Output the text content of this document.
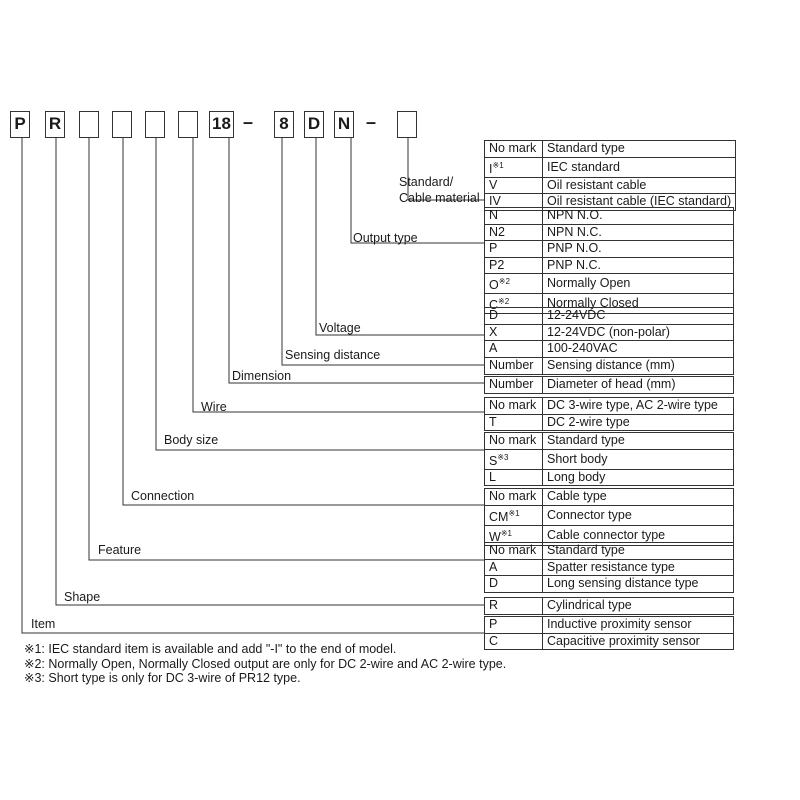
P R	18	8	D N
–	–
No mark	Standard type
$I^{※1}$	IEC standard
V	Oil resistant cable
IV	Oil resistant cable (IEC standard)
Standard/
Cable material
N	NPN N.O.
N2	NPN N.C.
P	PNP N.O.
P2	PNP N.C.
$O^{※2}$	Normally Open
$C^{※2}$	Normally Closed
Output type
D	12-24VDC
X	12-24VDC (non-polar)
A	100-240VAC
Voltage
Number	Sensing distance (mm)
Sensing distance
Number	Diameter of head (mm)
Dimension
No mark	DC 3-wire type, AC 2-wire type
T	DC 2-wire type
Wire
No mark	Standard type
$S^{※3}$	Short body
L	Long body
Body size
No mark	Cable type
CM$^{※1}$	Connector type
$W^{※1}$	Cable connector type
Connection
No mark	Standard type
A	Spatter resistance type
D	Long sensing distance type
Feature
R	Cylindrical type
Shape
P	Inductive proximity sensor
C	Capacitive proximity sensor
Item
※1: IEC standard item is available and add "-I" to the end of model.
※2: Normally Open, Normally Closed output are only for DC 2-wire and AC 2-wire type.
※3: Short type is only for DC 3-wire of PR12 type.
